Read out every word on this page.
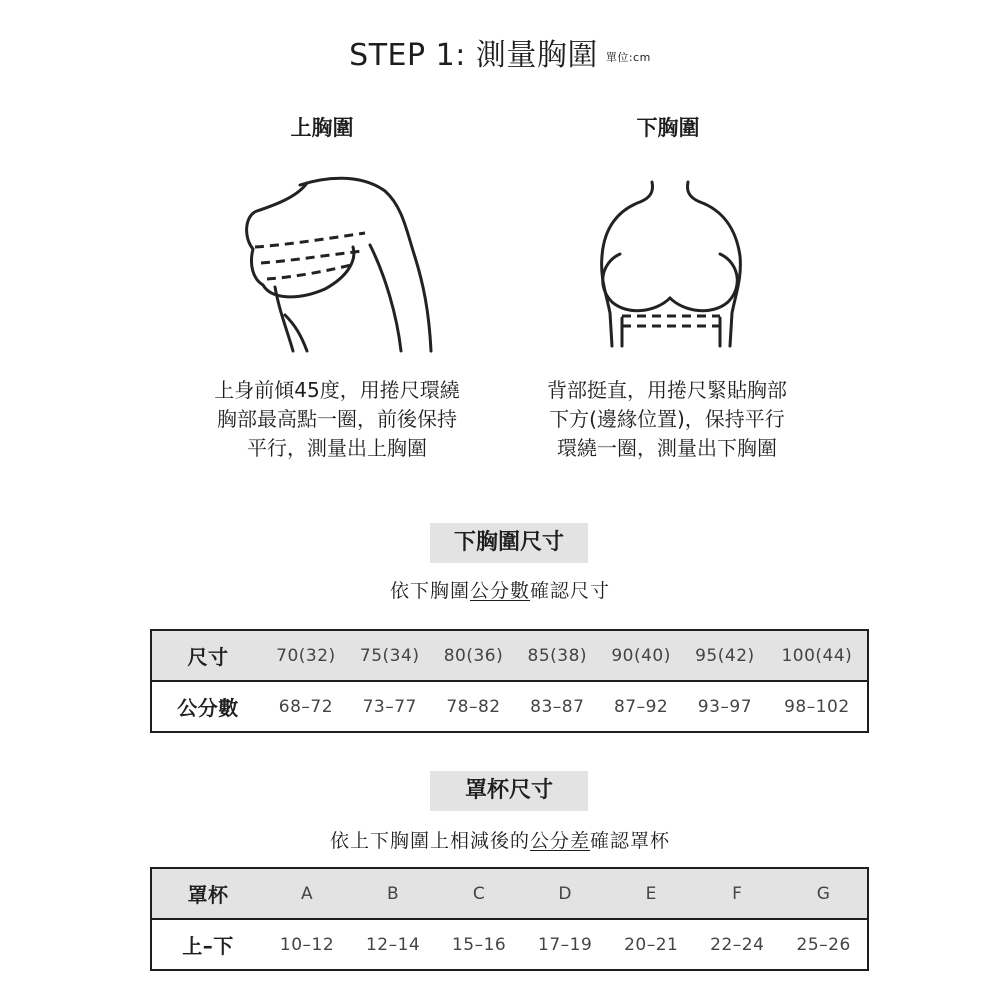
STEP 1: 測量胸圍 單位:cm
上胸圍	下胸圍
上身前傾45度，用捲尺環繞
胸部最高點一圈，前後保持
平行，測量出上胸圍
背部挺直，用捲尺緊貼胸部
下方(邊緣位置)，保持平行
環繞一圈，測量出下胸圍
下胸圍尺寸
依下胸圍公分數確認尺寸
尺寸	70(32)	75(34)	80(36)	85(38)	90(40)	95(42)	100(44)
公分數	68–72	73–77	78–82	83–87	87–92	93–97	98–102
罩杯尺寸
依上下胸圍上相減後的公分差確認罩杯
罩杯	A	B	C	D	E	F	G
上–下	10–12	12–14	15–16	17–19	20–21	22–24	25–26
